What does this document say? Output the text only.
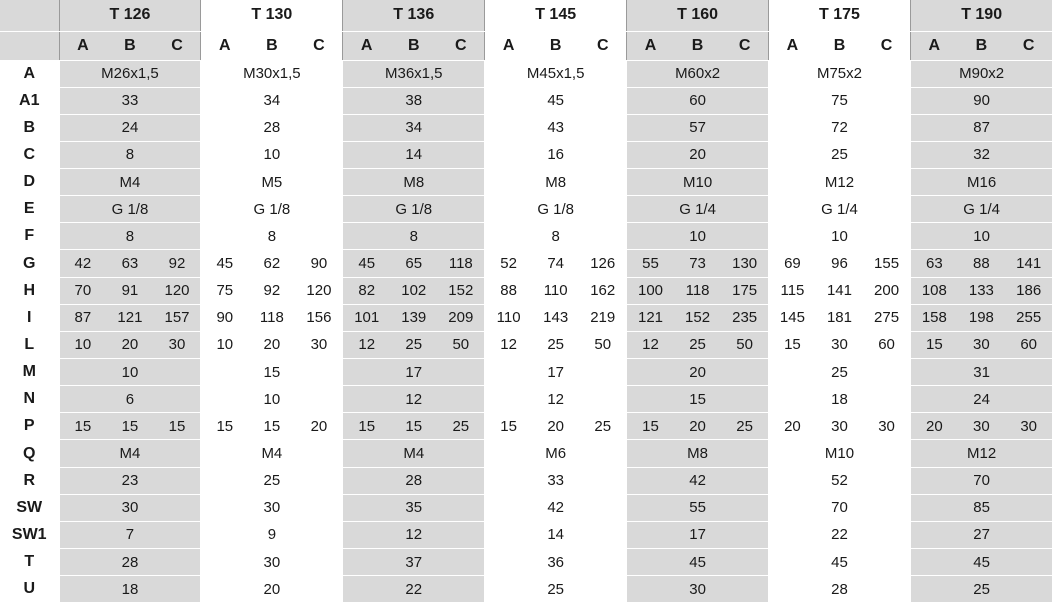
	T 126			T 130			T 136			T 145			T 160			T 175			T 190		
	A	B	C	A	B	C	A	B	C	A	B	C	A	B	C	A	B	C	A	B	C
A	M26x1,5			M30x1,5			M36x1,5			M45x1,5			M60x2			M75x2			M90x2		
A1	33			34			38			45			60			75			90		
B	24			28			34			43			57			72			87		
C	8			10			14			16			20			25			32		
D	M4			M5			M8			M8			M10			M12			M16		
E	G 1/8			G 1/8			G 1/8			G 1/8			G 1/4			G 1/4			G 1/4		
F	8			8			8			8			10			10			10		
G	42	63	92	45	62	90	45	65	118	52	74	126	55	73	130	69	96	155	63	88	141
H	70	91	120	75	92	120	82	102	152	88	110	162	100	118	175	115	141	200	108	133	186
I	87	121	157	90	118	156	101	139	209	110	143	219	121	152	235	145	181	275	158	198	255
L	10	20	30	10	20	30	12	25	50	12	25	50	12	25	50	15	30	60	15	30	60
M	10			15			17			17			20			25			31		
N	6			10			12			12			15			18			24		
P	15	15	15	15	15	20	15	15	25	15	20	25	15	20	25	20	30	30	20	30	30
Q	M4			M4			M4			M6			M8			M10			M12		
R	23			25			28			33			42			52			70		
SW	30			30			35			42			55			70			85		
SW1	7			9			12			14			17			22			27		
T	28			30			37			36			45			45			45		
U	18			20			22			25			30			28			25		
